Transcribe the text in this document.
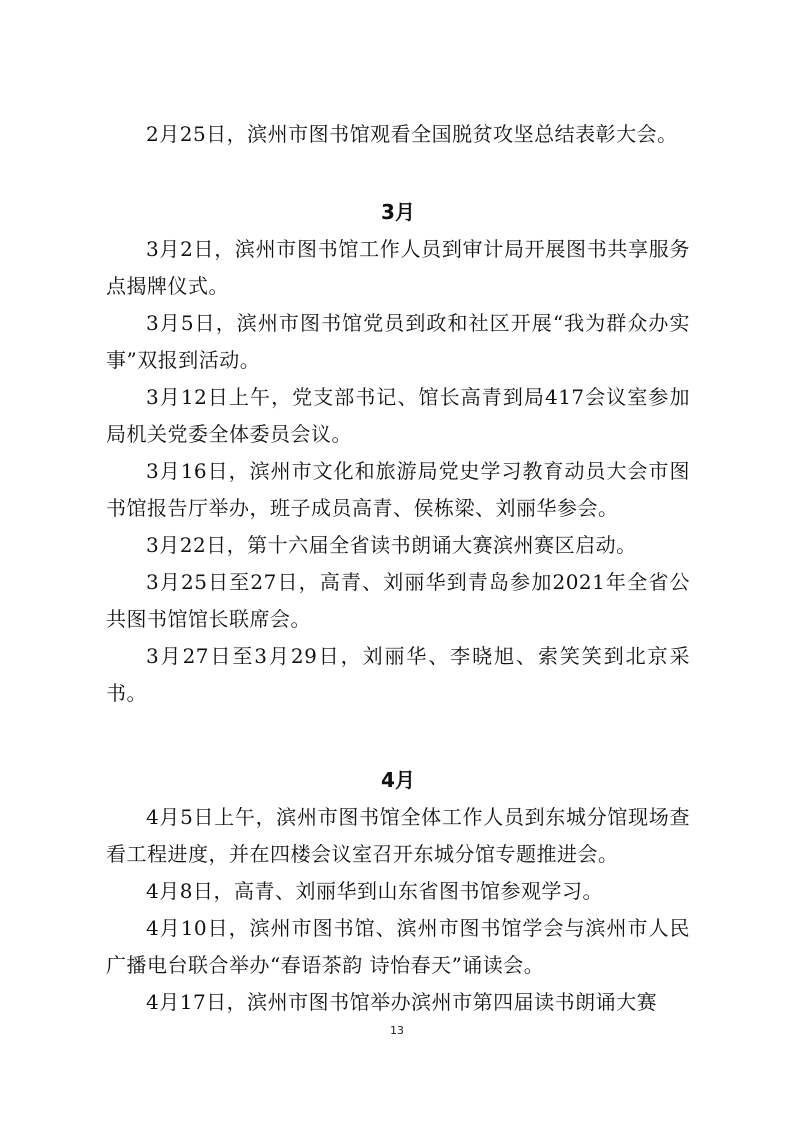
2月25日，滨州市图书馆观看全国脱贫攻坚总结表彰大会。

3月

3月2日，滨州市图书馆工作人员到审计局开展图书共享服务点揭牌仪式。

3月5日，滨州市图书馆党员到政和社区开展“我为群众办实事”双报到活动。

3月12日上午，党支部书记、馆长高青到局417会议室参加局机关党委全体委员会议。

3月16日，滨州市文化和旅游局党史学习教育动员大会市图书馆报告厅举办，班子成员高青、侯栋梁、刘丽华参会。

3月22日，第十六届全省读书朗诵大赛滨州赛区启动。

3月25日至27日，高青、刘丽华到青岛参加2021年全省公共图书馆馆长联席会。

3月27日至3月29日，刘丽华、李晓旭、索笑笑到北京采书。

4月

4月5日上午，滨州市图书馆全体工作人员到东城分馆现场查看工程进度，并在四楼会议室召开东城分馆专题推进会。

4月8日，高青、刘丽华到山东省图书馆参观学习。

4月10日，滨州市图书馆、滨州市图书馆学会与滨州市人民广播电台联合举办“春语茶韵 诗怡春天”诵读会。

4月17日，滨州市图书馆举办滨州市第四届读书朗诵大赛

13
